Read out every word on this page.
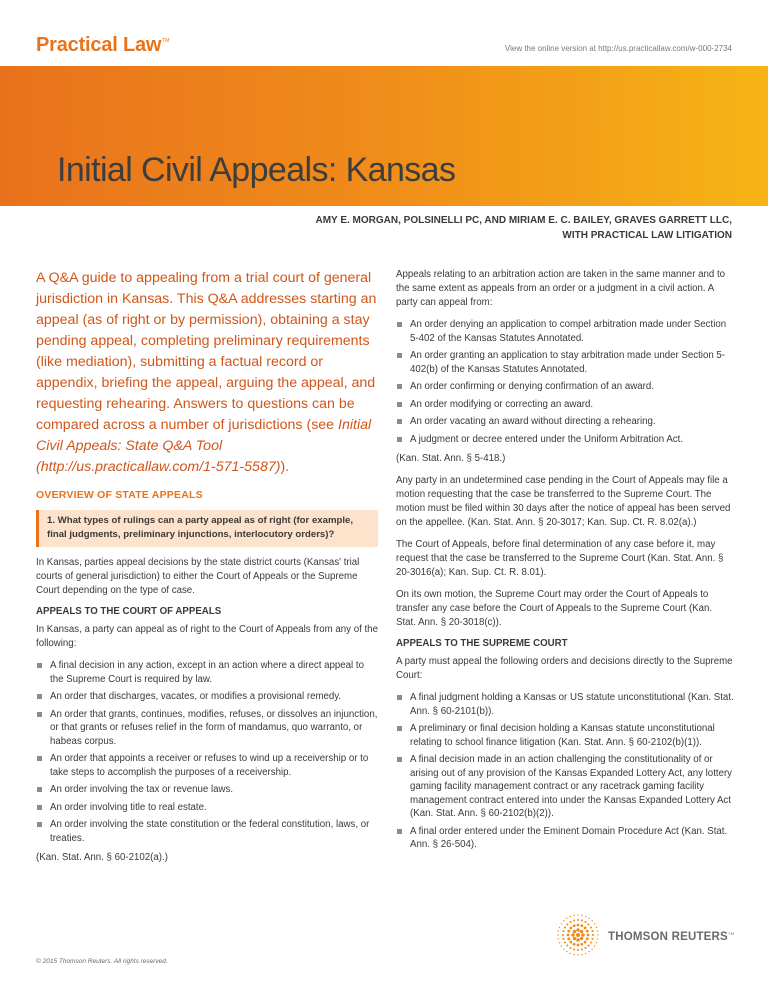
Practical Law™
View the online version at http://us.practicallaw.com/w-000-2734
Initial Civil Appeals: Kansas
AMY E. MORGAN, POLSINELLI PC, AND MIRIAM E. C. BAILEY, GRAVES GARRETT LLC,
WITH PRACTICAL LAW LITIGATION

A Q&A guide to appealing from a trial court of general jurisdiction in Kansas. This Q&A addresses starting an appeal (as of right or by permission), obtaining a stay pending appeal, completing preliminary requirements (like mediation), submitting a factual record or appendix, briefing the appeal, arguing the appeal, and requesting rehearing. Answers to questions can be compared across a number of jurisdictions (see Initial Civil Appeals: State Q&A Tool (http://us.practicallaw.com/1-571-5587)).

OVERVIEW OF STATE APPEALS
1. What types of rulings can a party appeal as of right (for example, final judgments, preliminary injunctions, interlocutory orders)?

In Kansas, parties appeal decisions by the state district courts (Kansas' trial courts of general jurisdiction) to either the Court of Appeals or the Supreme Court depending on the type of case.

APPEALS TO THE COURT OF APPEALS

In Kansas, a party can appeal as of right to the Court of Appeals from any of the following:

A final decision in any action, except in an action where a direct appeal to the Supreme Court is required by law.
An order that discharges, vacates, or modifies a provisional remedy.
An order that grants, continues, modifies, refuses, or dissolves an injunction, or that grants or refuses relief in the form of mandamus, quo warranto, or habeas corpus.
An order that appoints a receiver or refuses to wind up a receivership or to take steps to accomplish the purposes of a receivership.
An order involving the tax or revenue laws.
An order involving title to real estate.
An order involving the state constitution or the federal constitution, laws, or treaties.

(Kan. Stat. Ann. § 60-2102(a).)

Appeals relating to an arbitration action are taken in the same manner and to the same extent as appeals from an order or a judgment in a civil action. A party can appeal from:

An order denying an application to compel arbitration made under Section 5-402 of the Kansas Statutes Annotated.
An order granting an application to stay arbitration made under Section 5-402(b) of the Kansas Statutes Annotated.
An order confirming or denying confirmation of an award.
An order modifying or correcting an award.
An order vacating an award without directing a rehearing.
A judgment or decree entered under the Uniform Arbitration Act.

(Kan. Stat. Ann. § 5-418.)

Any party in an undetermined case pending in the Court of Appeals may file a motion requesting that the case be transferred to the Supreme Court. The motion must be filed within 30 days after the notice of appeal has been served on the appellee. (Kan. Stat. Ann. § 20-3017; Kan. Sup. Ct. R. 8.02(a).)

The Court of Appeals, before final determination of any case before it, may request that the case be transferred to the Supreme Court (Kan. Stat. Ann. § 20-3016(a); Kan. Sup. Ct. R. 8.01).

On its own motion, the Supreme Court may order the Court of Appeals to transfer any case before the Court of Appeals to the Supreme Court (Kan. Stat. Ann. § 20-3018(c)).

APPEALS TO THE SUPREME COURT

A party must appeal the following orders and decisions directly to the Supreme Court:

A final judgment holding a Kansas or US statute unconstitutional (Kan. Stat. Ann. § 60-2101(b)).
A preliminary or final decision holding a Kansas statute unconstitutional relating to school finance litigation (Kan. Stat. Ann. § 60-2102(b)(1)).
A final decision made in an action challenging the constitutionality of or arising out of any provision of the Kansas Expanded Lottery Act, any lottery gaming facility management contract or any racetrack gaming facility management contract entered into under the Kansas Expanded Lottery Act (Kan. Stat. Ann. § 60-2102(b)(2)).
A final order entered under the Eminent Domain Procedure Act (Kan. Stat. Ann. § 26-504).
© 2015 Thomson Reuters. All rights reserved.
THOMSON REUTERS™
